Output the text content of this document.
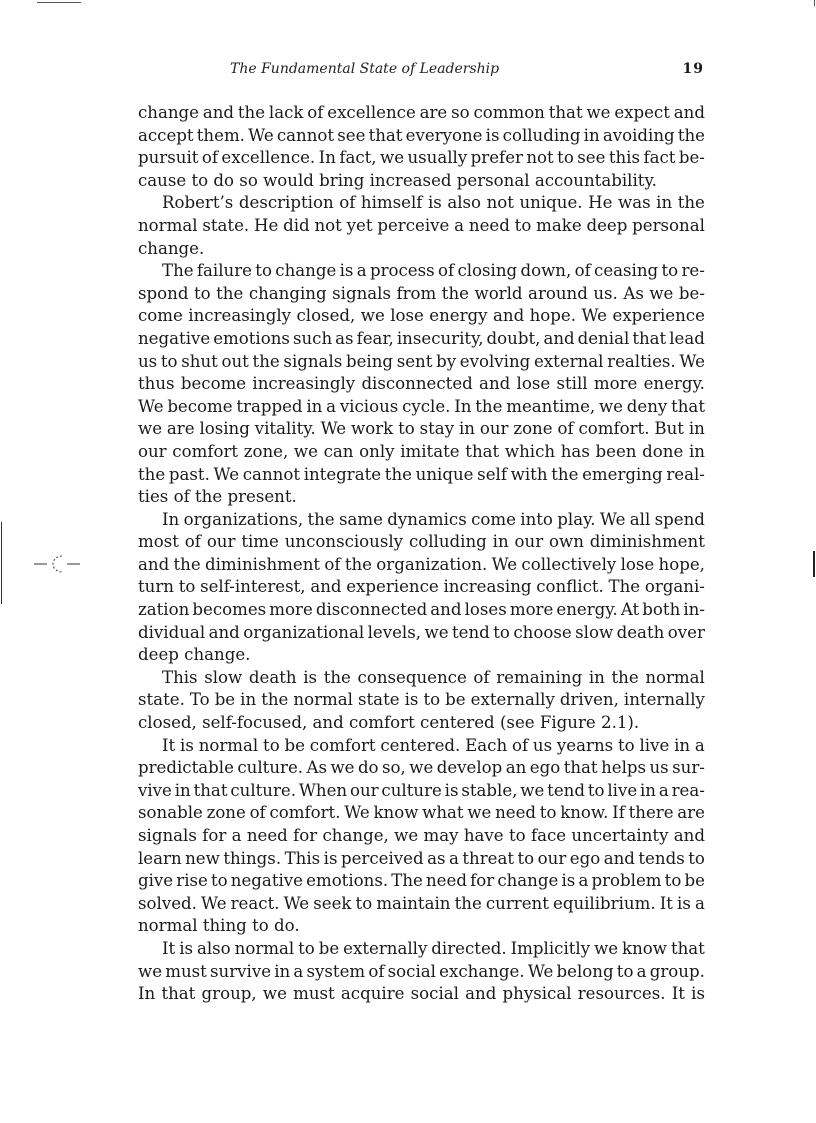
The Fundamental State of Leadership	19
change and the lack of excellence are so common that we expect and
accept them. We cannot see that everyone is colluding in avoiding the
pursuit of excellence. In fact, we usually prefer not to see this fact be-
cause to do so would bring increased personal accountability.
Robert’s description of himself is also not unique. He was in the
normal state. He did not yet perceive a need to make deep personal
change.
The failure to change is a process of closing down, of ceasing to re-
spond to the changing signals from the world around us. As we be-
come increasingly closed, we lose energy and hope. We experience
negative emotions such as fear, insecurity, doubt, and denial that lead
us to shut out the signals being sent by evolving external realties. We
thus become increasingly disconnected and lose still more energy.
We become trapped in a vicious cycle. In the meantime, we deny that
we are losing vitality. We work to stay in our zone of comfort. But in
our comfort zone, we can only imitate that which has been done in
the past. We cannot integrate the unique self with the emerging real-
ties of the present.
In organizations, the same dynamics come into play. We all spend
most of our time unconsciously colluding in our own diminishment
and the diminishment of the organization. We collectively lose hope,
turn to self-interest, and experience increasing conflict. The organi-
zation becomes more disconnected and loses more energy. At both in-
dividual and organizational levels, we tend to choose slow death over
deep change.
This slow death is the consequence of remaining in the normal
state. To be in the normal state is to be externally driven, internally
closed, self-focused, and comfort centered (see Figure 2.1).
It is normal to be comfort centered. Each of us yearns to live in a
predictable culture. As we do so, we develop an ego that helps us sur-
vive in that culture. When our culture is stable, we tend to live in a rea-
sonable zone of comfort. We know what we need to know. If there are
signals for a need for change, we may have to face uncertainty and
learn new things. This is perceived as a threat to our ego and tends to
give rise to negative emotions. The need for change is a problem to be
solved. We react. We seek to maintain the current equilibrium. It is a
normal thing to do.
It is also normal to be externally directed. Implicitly we know that
we must survive in a system of social exchange. We belong to a group.
In that group, we must acquire social and physical resources. It is
